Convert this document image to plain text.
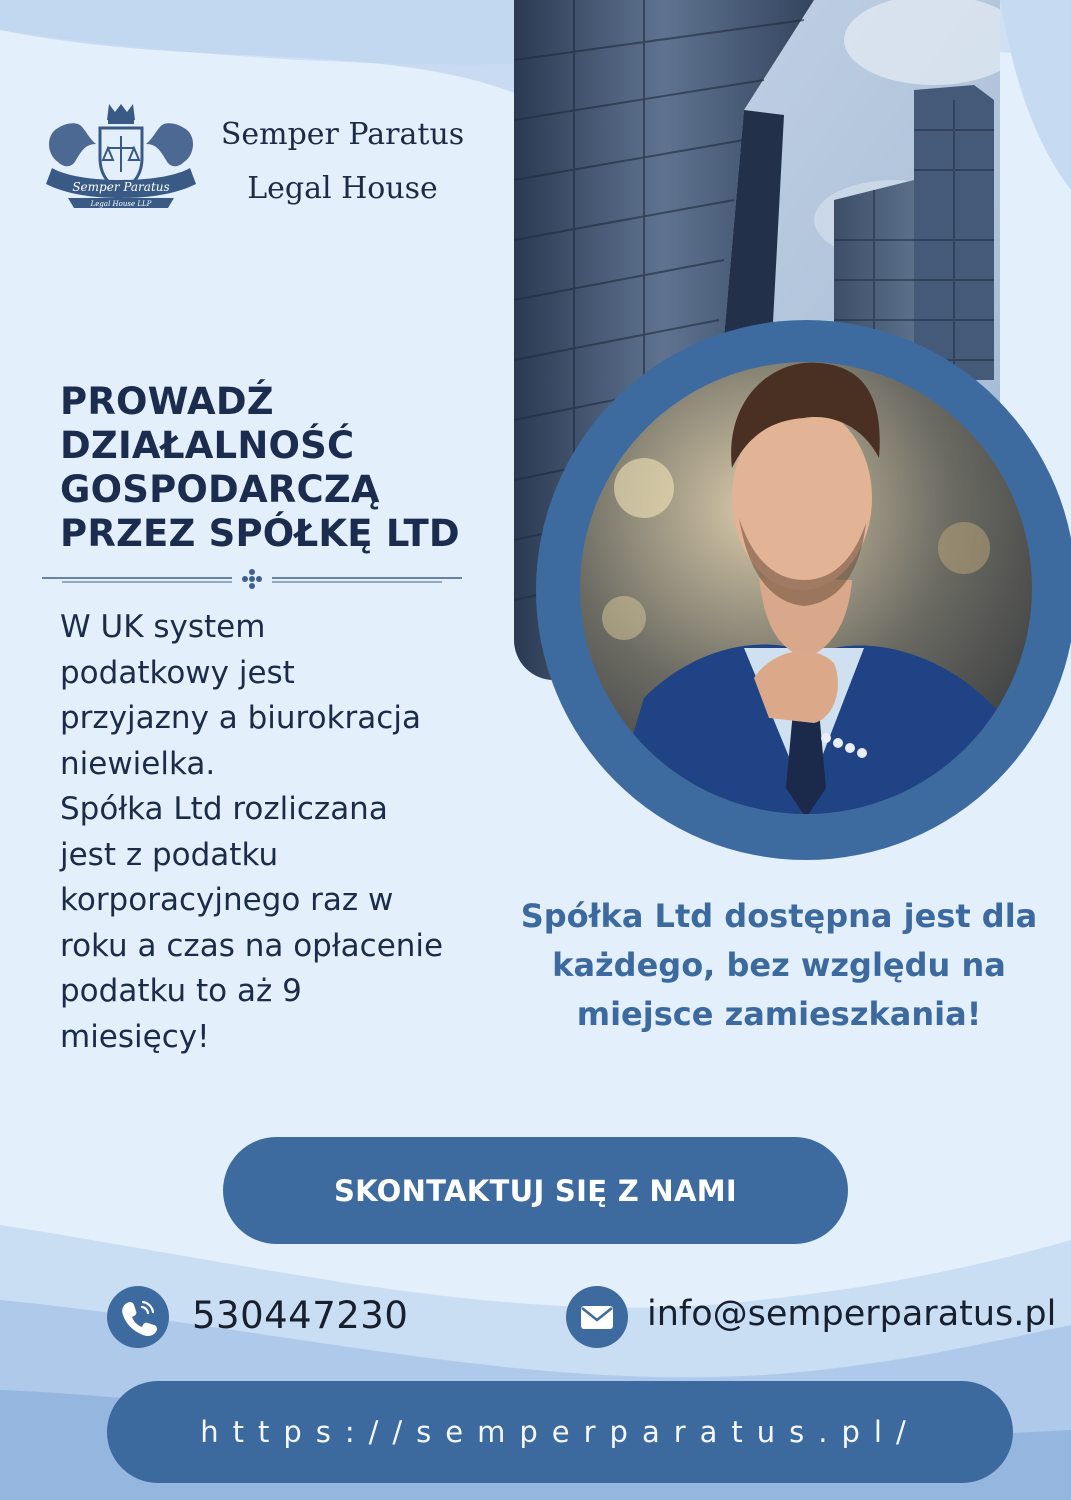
Semper Paratus
Legal House LLP
Semper Paratus
Legal House
PROWADŹ
DZIAŁALNOŚĆ
GOSPODARCZĄ
PRZEZ SPÓŁKĘ LTD
W UK system
podatkowy jest
przyjazny a biurokracja
niewielka.
Spółka Ltd rozliczana
jest z podatku
korporacyjnego raz w
roku a czas na opłacenie
podatku to aż 9
miesięcy!
Spółka Ltd dostępna jest dla
każdego, bez względu na
miejsce zamieszkania!
SKONTAKTUJ SIĘ Z NAMI
530447230	info@semperparatus.pl
https://semperparatus.pl/
